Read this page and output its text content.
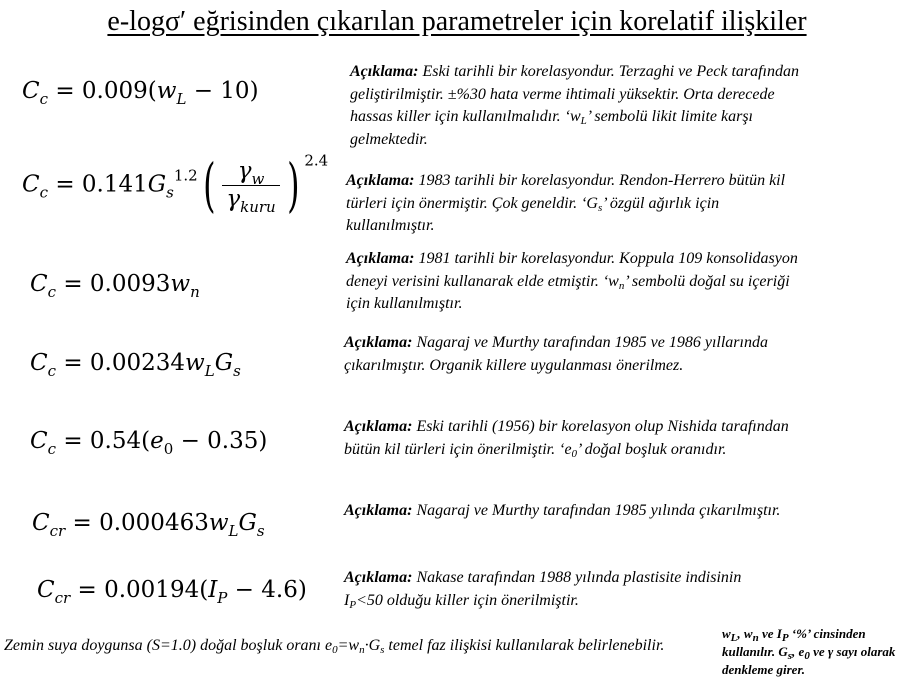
e-logσ′ eğrisinden çıkarılan parametreler için korelatif ilişkiler
$C_c = 0.009(w_L - 10)$
$C_c = 0.141G_s^{1.2}( \frac{\gamma_w}{\gamma_{kuru}}$ ) $^{2.4}$
$C_c = 0.0093w_n$
$C_c = 0.00234w_LG_s$
$C_c = 0.54(e_0 - 0.35)$
$C_{cr} = 0.000463w_LG_s$
$C_{cr} = 0.00194(I_P - 4.6)$
Açıklama: Eski tarihli bir korelasyondur. Terzaghi ve Peck tarafından geliştirilmiştir. ±%30 hata verme ihtimali yüksektir. Orta derecede hassas killer için kullanılmalıdır. ‘$w_L$’ sembolü likit limite karşı gelmektedir.
Açıklama: 1983 tarihli bir korelasyondur. Rendon-Herrero bütün kil türleri için önermiştir. Çok geneldir. ‘$G_s$’ özgül ağırlık için kullanılmıştır.
Açıklama: 1981 tarihli bir korelasyondur. Koppula 109 konsolidasyon deneyi verisini kullanarak elde etmiştir. ‘$w_n$’ sembolü doğal su içeriği için kullanılmıştır.
Açıklama: Nagaraj ve Murthy tarafından 1985 ve 1986 yıllarında çıkarılmıştır. Organik killere uygulanması önerilmez.
Açıklama: Eski tarihli (1956) bir korelasyon olup Nishida tarafından bütün kil türleri için önerilmiştir. ‘$e_0$’ doğal boşluk oranıdır.
Açıklama: Nagaraj ve Murthy tarafından 1985 yılında çıkarılmıştır.
Açıklama: Nakase tarafından 1988 yılında plastisite indisinin $I_P<50$ olduğu killer için önerilmiştir.
Zemin suya doygunsa (S=1.0) doğal boşluk oranı $e_0=w_n\cdot G_s$ temel faz ilişkisi kullanılarak belirlenebilir.
$w_L$, $w_n$ ve $I_P$ ‘%’ cinsinden kullanılır. $G_s$, $e_0$ ve γ sayı olarak denkleme girer.
